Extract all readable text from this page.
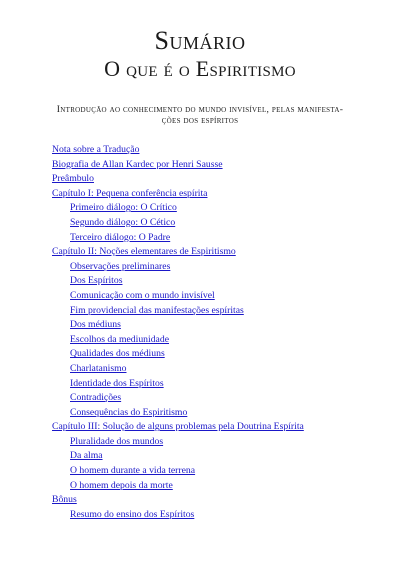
Sumário
O que é o Espiritismo

Introdução ao conhecimento do mundo invisível, pelas manifesta- ções dos espíritos

Nota sobre a Tradução
Biografia de Allan Kardec por Henri Sausse
Preâmbulo
Capítulo I: Pequena conferência espírita
Primeiro diálogo: O Crítico
Segundo diálogo: O Cético
Terceiro diálogo: O Padre
Capítulo II: Noções elementares de Espiritismo
Observações preliminares
Dos Espíritos
Comunicação com o mundo invisível
Fim providencial das manifestações espíritas
Dos médiuns
Escolhos da mediunidade
Qualidades dos médiuns
Charlatanismo
Identidade dos Espíritos
Contradições
Consequências do Espiritismo
Capítulo III: Solução de alguns problemas pela Doutrina Espírita
Pluralidade dos mundos
Da alma
O homem durante a vida terrena
O homem depois da morte
Bônus
Resumo do ensino dos Espíritos
